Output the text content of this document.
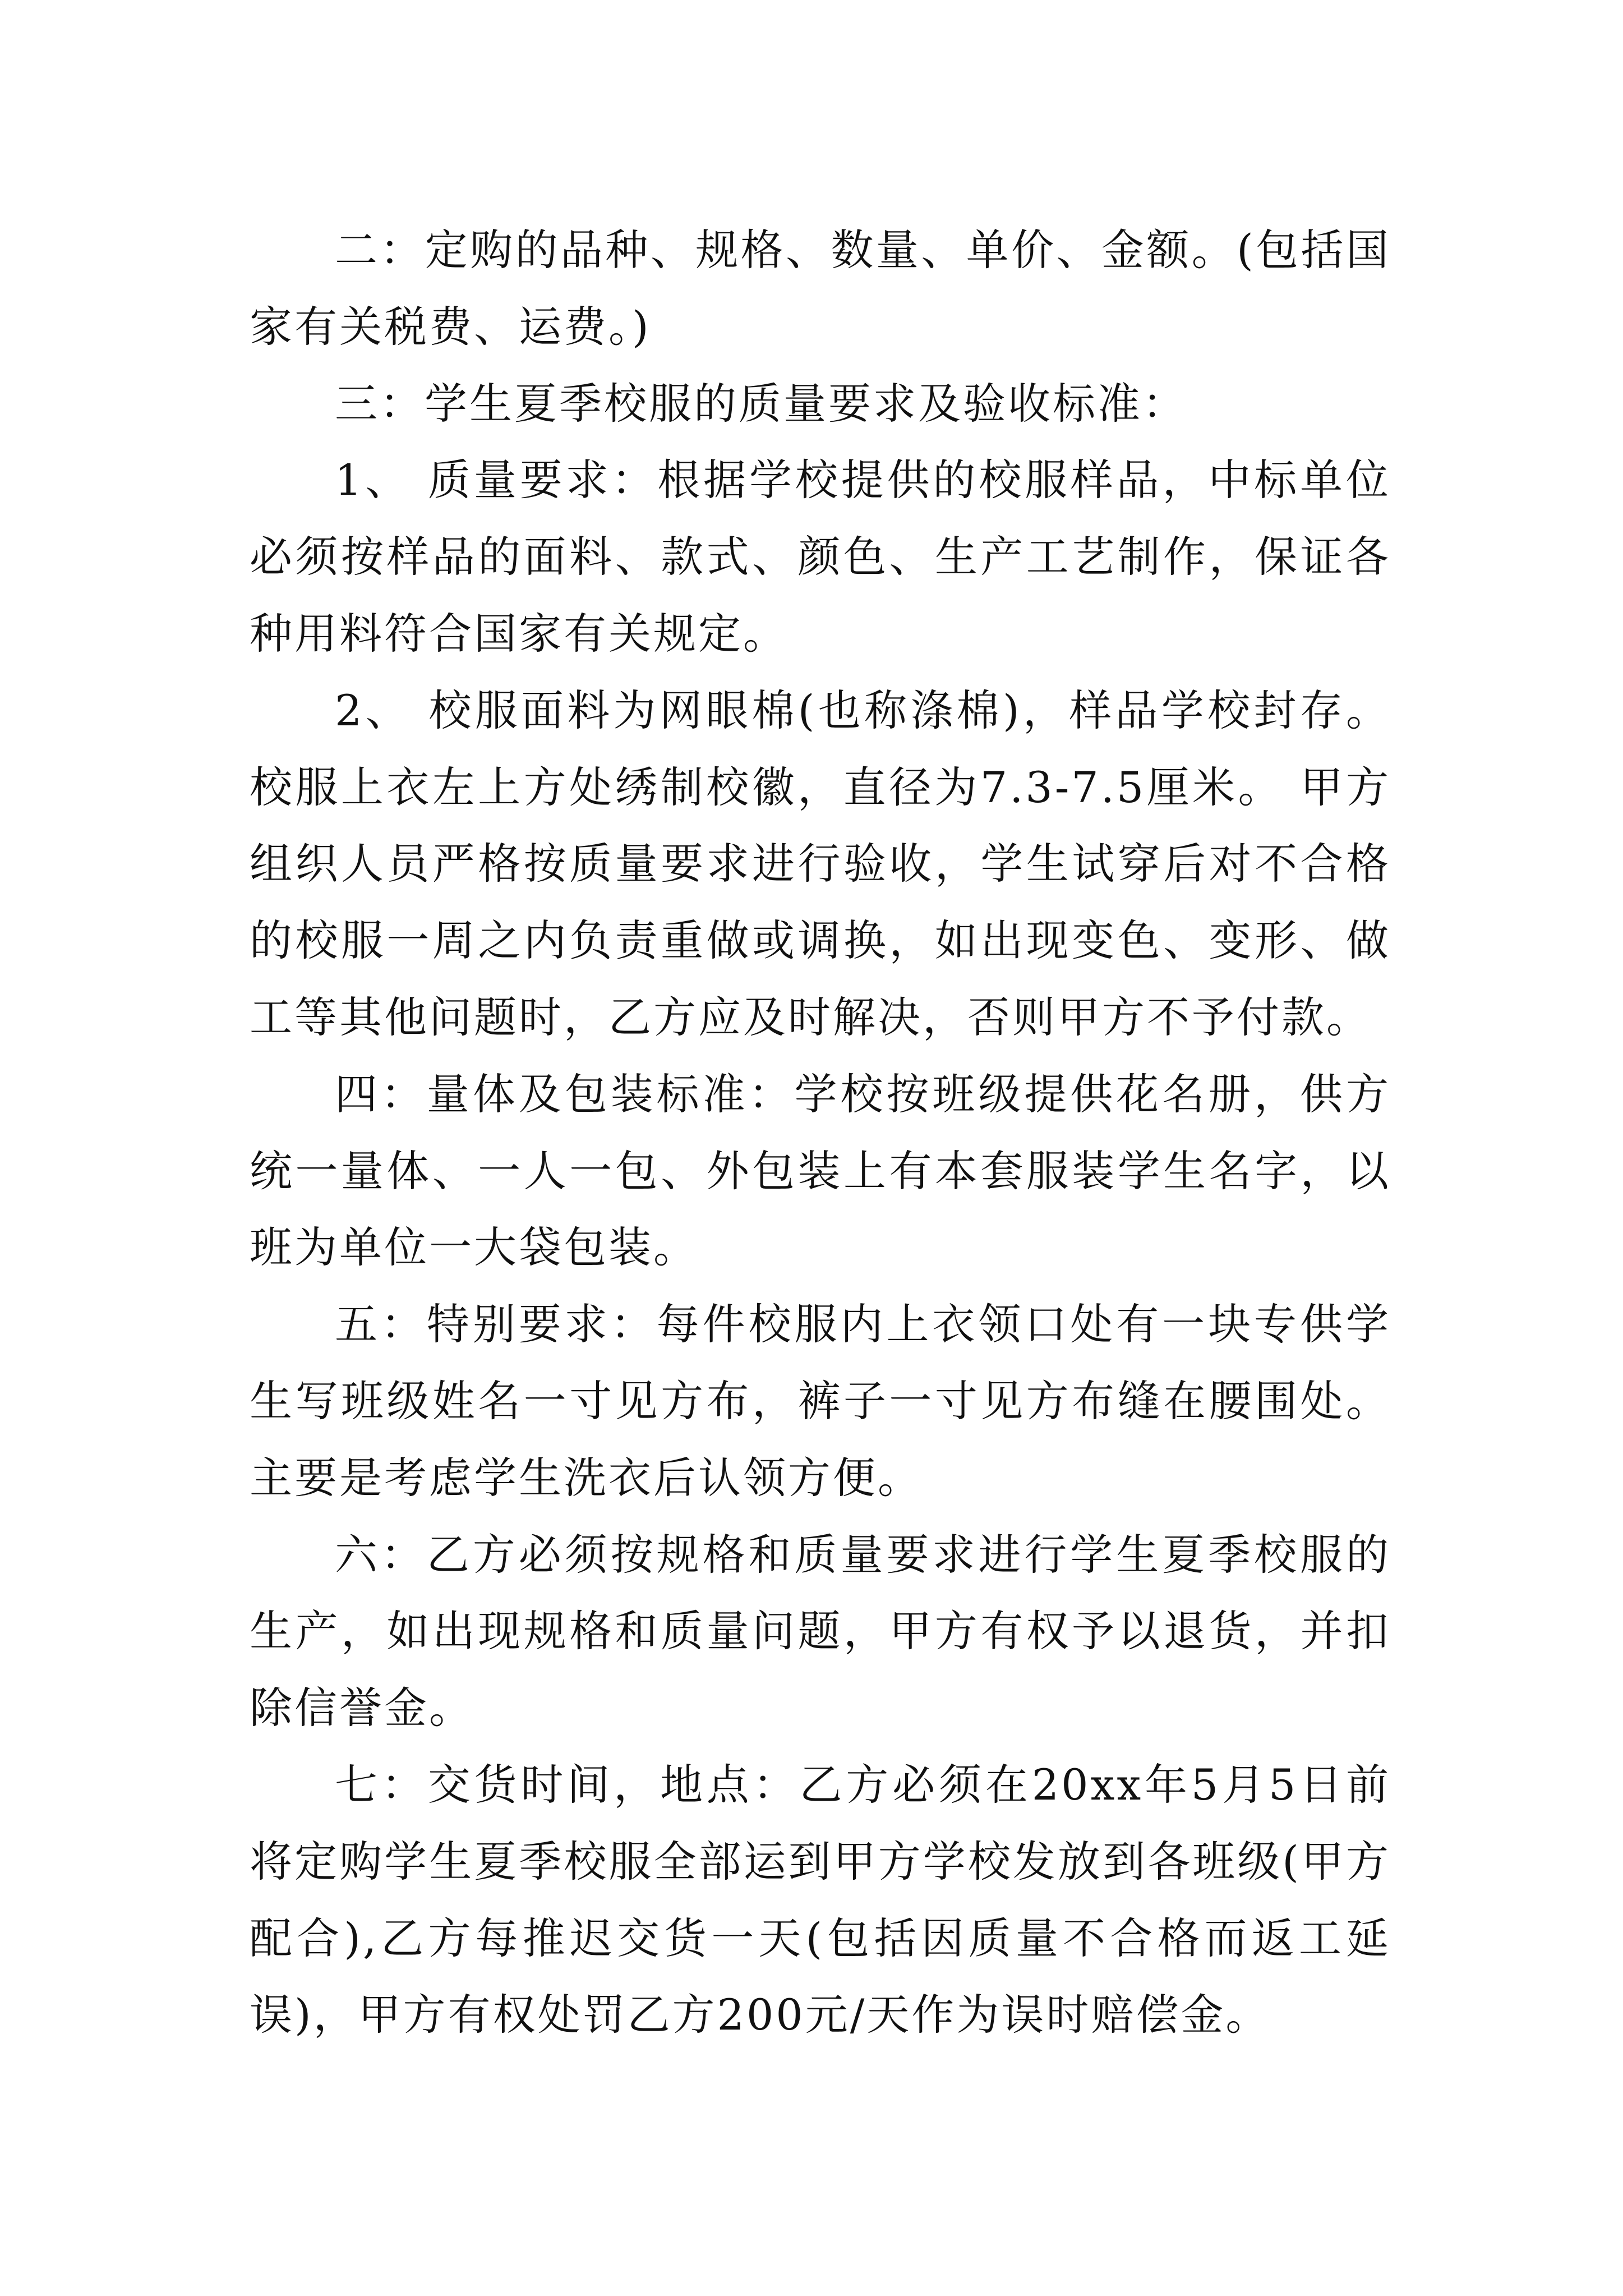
二：定购的品种、规格、数量、单价、金额。(包括国家有关税费、运费。)

三：学生夏季校服的质量要求及验收标准：

1、 质量要求：根据学校提供的校服样品，中标单位必须按样品的面料、款式、颜色、生产工艺制作，保证各种用料符合国家有关规定。

2、 校服面料为网眼棉(也称涤棉)，样品学校封存。校服上衣左上方处绣制校徽，直径为7.3-7.5厘米。 甲方组织人员严格按质量要求进行验收，学生试穿后对不合格的校服一周之内负责重做或调换，如出现变色、变形、做工等其他问题时，乙方应及时解决，否则甲方不予付款。

四：量体及包装标准：学校按班级提供花名册，供方统一量体、一人一包、外包装上有本套服装学生名字，以班为单位一大袋包装。

五：特别要求：每件校服内上衣领口处有一块专供学生写班级姓名一寸见方布，裤子一寸见方布缝在腰围处。主要是考虑学生洗衣后认领方便。

六：乙方必须按规格和质量要求进行学生夏季校服的生产，如出现规格和质量问题，甲方有权予以退货，并扣除信誉金。

七：交货时间，地点：乙方必须在20xx年5月5日前将定购学生夏季校服全部运到甲方学校发放到各班级(甲方配合),乙方每推迟交货一天(包括因质量不合格而返工延误)，甲方有权处罚乙方200元/天作为误时赔偿金。
